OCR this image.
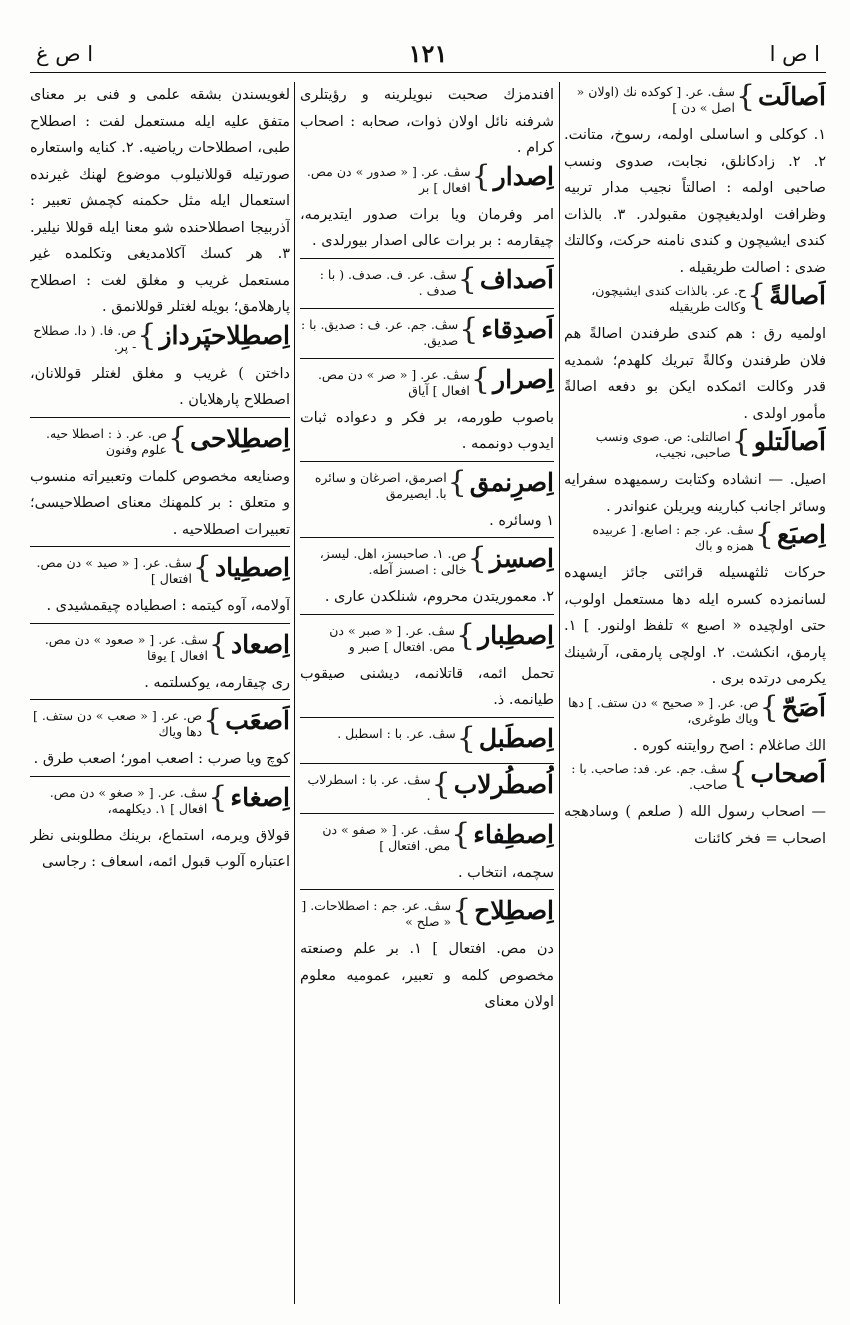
ا ص ا
١٢١
ا ص غ
اَصالَت
}
سڤ. عر. [ كوكده نك (اولان « اصل » دن ]
١. كوكلى و اساسلى اولمه، رسوخ، متانت. ٢. ٢. زادكانلق، نجابت، صدوى ونسب صاحبى اولمه : اصالتاً نجيب مدار تربيه وظرافت اولديغيچون مقبولدر. ٣. بالذات كندى ايشيچون و كندى نامنه حركت، وكالتك ضدى : اصالت طريقيله .
اَصالةً
}
ح. عر. بالذات كندى ايشيچون، وكالت طريقيله
اولميه رق : هم كندى طرفندن اصالةً هم فلان طرفندن وكالةً تبريك كلهدم؛ شمديه قدر وكالت ائمكده ايكن بو دفعه اصالةً مأمور اولدى .
اَصالَتلو
}
اصالتلى: ص. صوى ونسب صاحبى، نجيب،
اصيل. — انشاده وكتابت رسميهده سفرايه وسائر اجانب كبارينه ويريلن عنواندر .
اِصبَع
}
سڤ. عر. جم : اصابع. [ عربيده همزه و باك
حركات ثلثهسيله قرائتى جائز ايسهده لسانمزده كسره ايله دها مستعمل اولوب، حتى اولچيده « اصبع » تلفظ اولنور. ] ١. پارمق، انكشت. ٢. اولچى پارمقى، آرشينك يكرمى درتده برى .
اَصَحّ
}
ص. عر. [ « صحيح » دن ستف. ] دها وياك طوغرى،
الك صاغلام : اصح روايتنه كوره .
اَصحاب
}
سڤ. جم. عر. فد: صاحب. با : صاحب.
— اصحاب رسول الله ( صلعم ) وسادهجه اصحاب = فخر كائنات
افندمزك صحبت نبويلرينه و رؤيتلرى شرفنه نائل اولان ذوات، صحابه : اصحاب كرام .
اِصدار
}
سڤ. عر. [ « صدور » دن مص. افعال ] بر
امر وفرمان ويا برات صدور ايتديرمه، چيقارمه : بر برات عالى اصدار بيورلدى .
اَصداف
}
سڤ. عر. ف. صدف. ( با : صدف .
اَصدِقاء
}
سڤ. جم. عر. ف : صديق. با : صديق.
اِصرار
}
سڤ. عر. [ « صر » دن مص. افعال ] آياق
باصوب طورمه، بر فكر و دعواده ثبات ايدوب دونممه .
اِصرِنمق
}
اصرمق، اصرغان و سائره با. ايصيرمق
١ وسائره .
اِصسِز
}
ص. ١. صاحبسز، اهل. ليسز، خالى : اصسز آطه.
٢. معموريتدن محروم، شنلكدن عارى .
اِصطِبار
}
سڤ. عر. [ « صبر » دن مص. افتعال ] صبر و
تحمل ائمه، قاتلانمه، ديشنى صيقوب طيانمه. ذ.
اِصطَبل
}
سڤ. عر. با : اسطبل .
اُصطُرلاب
}
سڤ. عر. با : اسطرلاب .
اِصطِفاء
}
سڤ. عر. [ « صفو » دن مص. افتعال ]
سچمه، انتخاب .
اِصطِلاح
}
سڤ. عر. جم : اصطلاحات. [ « صلح »
دن مص. افتعال ] ١. بر علم وصنعته مخصوص كلمه و تعبير، عموميه معلوم اولان معناى
لغويسندن بشقه علمى و فنى بر معناى متفق عليه ايله مستعمل لفت : اصطلاح طبى، اصطلاحات رياضيه. ٢. كنايه واستعاره صورتيله قوللانيلوب موضوع لهنك غيرنده استعمال ايله مثل حكمنه كچمش تعبير : آذربيجا اصطلاحنده شو معنا ايله قوللا نيلير. ٣. هر كسك آكلامديغى وتكلمده غير مستعمل غريب و مغلق لغت : اصطلاح پارهلامق؛ بويله لغتلر قوللانمق .
اِصطِلاحپَرداز
}
ص. فا. ( دا. صطلاح - پر.
داختن ) غريب و مغلق لغتلر قوللانان، اصطلاح پارهلايان .
اِصطِلاحى
}
ص. عر. ذ : اصطلا حيه. علوم وفنون
وصنايعه مخصوص كلمات وتعبيراته منسوب و متعلق : بر كلمهنك معناى اصطلاحيسى؛ تعبيرات اصطلاحيه .
اِصطِياد
}
سڤ. عر. [ « صيد » دن مص. افتعال ]
آولامه، آوه كيتمه : اصطياده چيقمشيدى .
اِصعاد
}
سڤ. عر. [ « صعود » دن مص. افعال ] يوقا
رى چيقارمه، يوكسلتمه .
اَصعَب
}
ص. عر. [ « صعب » دن ستف. ] دها وياك
كوچ ويا صرب : اصعب امور؛ اصعب طرق .
اِصغاء
}
سڤ. عر. [ « صغو » دن مص. افعال ] ١. ديكلهمه،
قولاق ويرمه، استماع، برينك مطلوبنى نظر اعتباره آلوب قبول ائمه، اسعاف : رجاسى
